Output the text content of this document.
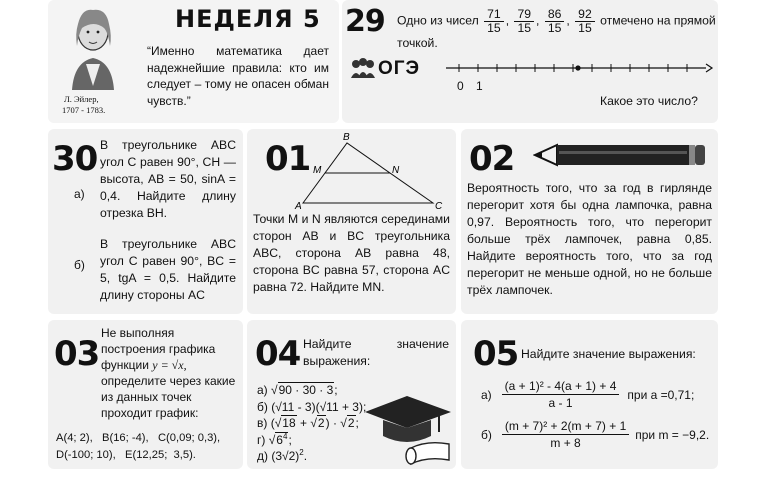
Л. Эйлер,
1707 - 1783.
НЕДЕЛЯ 5
“Именно математика дает надежнейшие правила: кто им следует – тому не опасен обман чувств.”
29 Одно из чисел $\frac{71}{15}$ , $\frac{79}{15}$ , $\frac{86}{15}$ , $\frac{92}{15}$ отмечено на прямой точкой.
ОГЭ
0 1
Какое это число?
30
а)
В треугольнике ABC угол C равен 90°, CH — высота, AB = 50, sinA = 0,4. Найдите длину отрезка BH.
б)
В треугольнике ABC угол C равен 90°, BC = 5, tgA = 0,5. Найдите длину стороны AC
01
A
B
C
M	N
Точки M и N являются серединами сторон AB и BC треугольника ABC, сторона AB равна 48, сторона BC равна 57, сторона AC равна 72. Найдите MN.
02
Вероятность того, что за год в гирлянде перегорит хотя бы одна лампочка, равна 0,97. Вероятность того, что перегорит больше трёх лампочек, равна 0,85. Найдите вероятность того, что за год перегорит не меньше одной, но не больше трёх лампочек.
03
Не выполняя построения графика функции y = √x, определите через какие из данных точек проходит график:
A(4; 2),   B(16; -4),   C(0,09; 0,3),
D(-100; 10),   E(12,25;  3,5).
04 Найдите значение выражения:
а) √90 · 30 · 3;
б) (√11 - 3)(√11 + 3);
в) (√18 + √2) · √2;
г) $√6^4$;
д) $(3√2)^2$.
05 Найдите значение выражения:
$а) \frac{\text{(a + 1)² - 4(a + 1) + 4}}{a - 1}$ при a =0,71;
$б) \frac{\text{(m + 7)² + 2(m + 7) + 1}}{m + 8}$ при m = −9,2.
